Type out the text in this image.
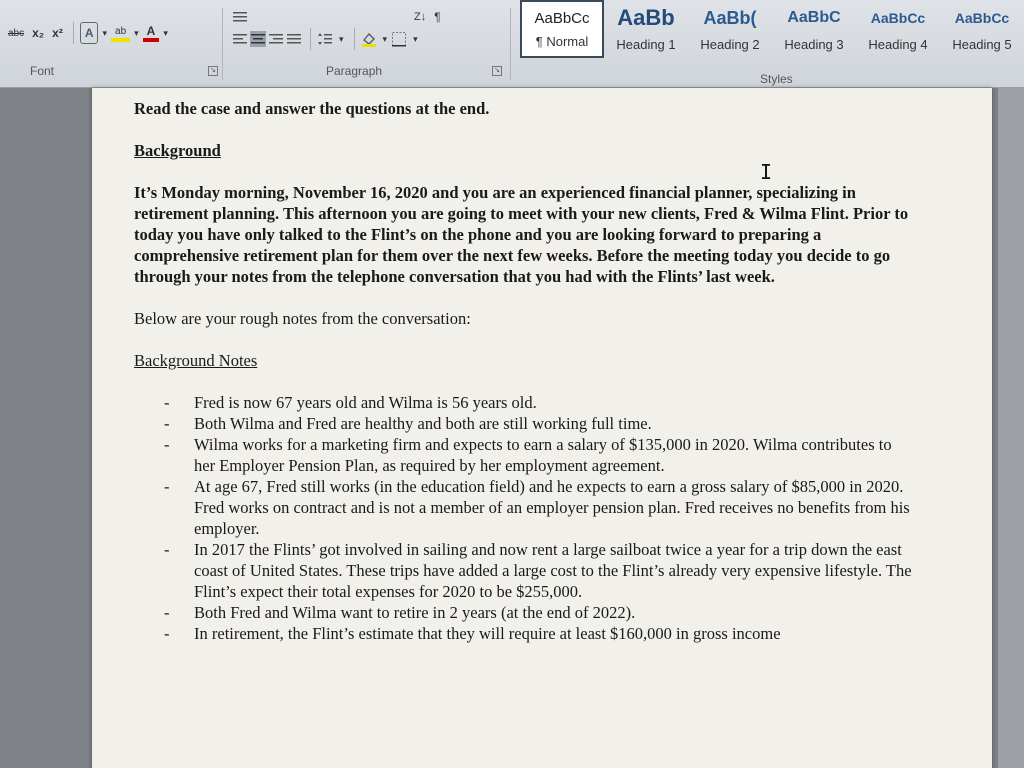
abc x₂ x²	A	▾ ab ▾ A ▾
Font	↘
Z↓ ¶
▾	▾	▾
Paragraph	↘
AaBbCc
¶ Normal
AaBb
Heading 1
AaBb(
Heading 2
AaBbC
Heading 3
AaBbCc
Heading 4
AaBbCc
Heading 5
Styles

Read the case and answer the questions at the end.

Background

It’s Monday morning, November 16, 2020 and you are an experienced financial planner, specializing in retirement planning. This afternoon you are going to meet with your new clients, Fred & Wilma Flint. Prior to today you have only talked to the Flint’s on the phone and you are looking forward to preparing a comprehensive retirement plan for them over the next few weeks. Before the meeting today you decide to go through your notes from the telephone conversation that you had with the Flints’ last week.

Below are your rough notes from the conversation:

Background Notes

-	Fred is now 67 years old and Wilma is 56 years old.
-	Both Wilma and Fred are healthy and both are still working full time.
-	Wilma works for a marketing firm and expects to earn a salary of $135,000 in 2020. Wilma contributes to her Employer Pension Plan, as required by her employment agreement.
-	At age 67, Fred still works (in the education field) and he expects to earn a gross salary of $85,000 in 2020. Fred works on contract and is not a member of an employer pension plan. Fred receives no benefits from his employer.
-	In 2017 the Flints’ got involved in sailing and now rent a large sailboat twice a year for a trip down the east coast of United States. These trips have added a large cost to the Flint’s already very expensive lifestyle. The Flint’s expect their total expenses for 2020 to be $255,000.
-	Both Fred and Wilma want to retire in 2 years (at the end of 2022).
-	In retirement, the Flint’s estimate that they will require at least $160,000 in gross income
I
